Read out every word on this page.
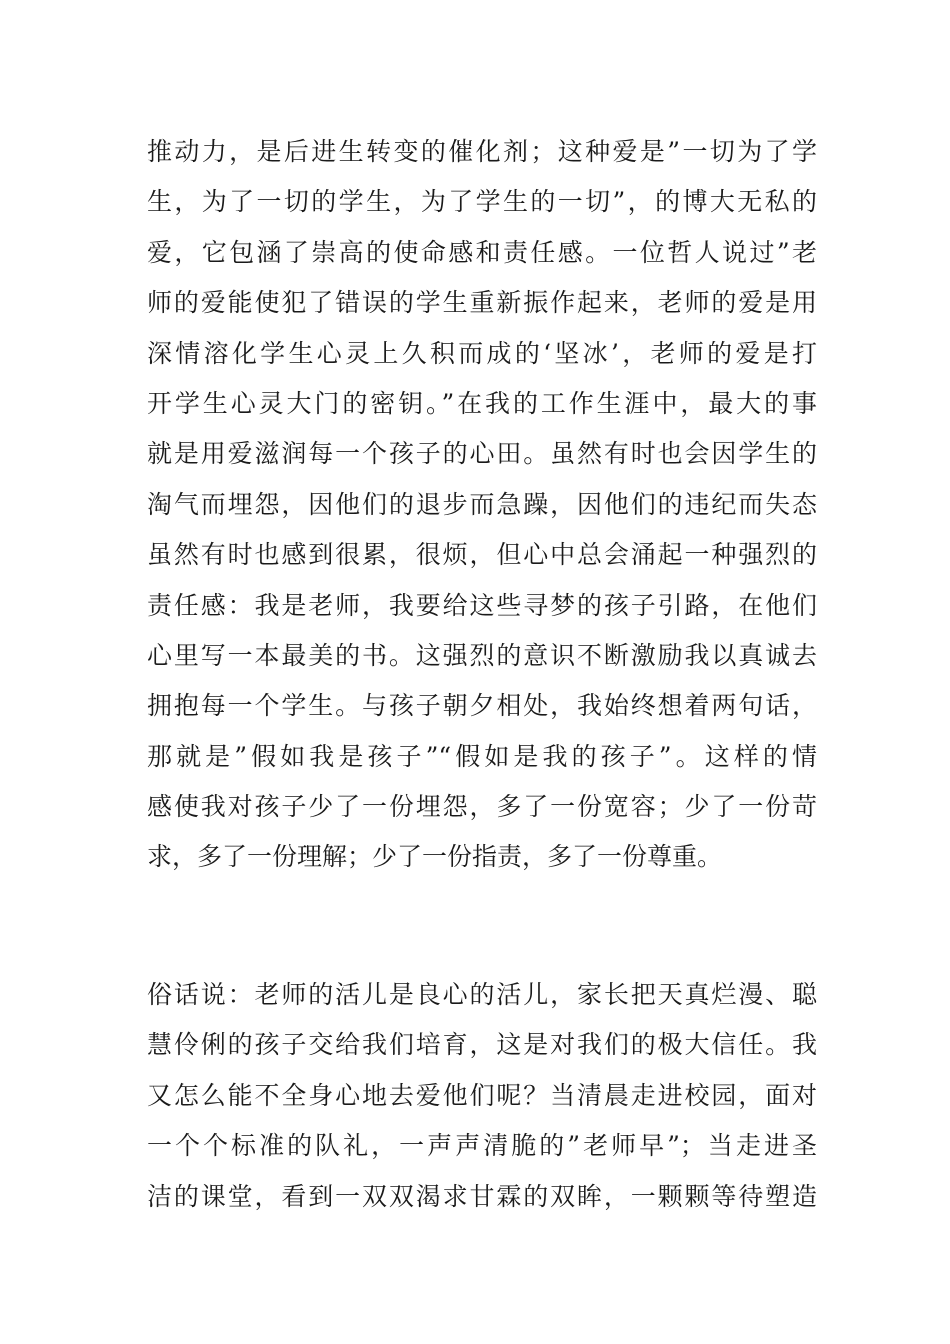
推动力，是后进生转变的催化剂；这种爱是”一切为了学
生，为了一切的学生，为了学生的一切”，的博大无私的
爱，它包涵了崇高的使命感和责任感。一位哲人说过”老
师的爱能使犯了错误的学生重新振作起来，老师的爱是用
深情溶化学生心灵上久积而成的‘坚冰’，老师的爱是打
开学生心灵大门的密钥。”在我的工作生涯中，最大的事
就是用爱滋润每一个孩子的心田。虽然有时也会因学生的
淘气而埋怨，因他们的退步而急躁，因他们的违纪而失态
虽然有时也感到很累，很烦，但心中总会涌起一种强烈的
责任感：我是老师，我要给这些寻梦的孩子引路，在他们
心里写一本最美的书。这强烈的意识不断激励我以真诚去
拥抱每一个学生。与孩子朝夕相处，我始终想着两句话，
那就是”假如我是孩子”“假如是我的孩子”。这样的情
感使我对孩子少了一份埋怨，多了一份宽容；少了一份苛
求，多了一份理解；少了一份指责，多了一份尊重。
俗话说：老师的活儿是良心的活儿，家长把天真烂漫、聪
慧伶俐的孩子交给我们培育，这是对我们的极大信任。我
又怎么能不全身心地去爱他们呢？当清晨走进校园，面对
一个个标准的队礼，一声声清脆的”老师早”；当走进圣
洁的课堂，看到一双双渴求甘霖的双眸，一颗颗等待塑造
